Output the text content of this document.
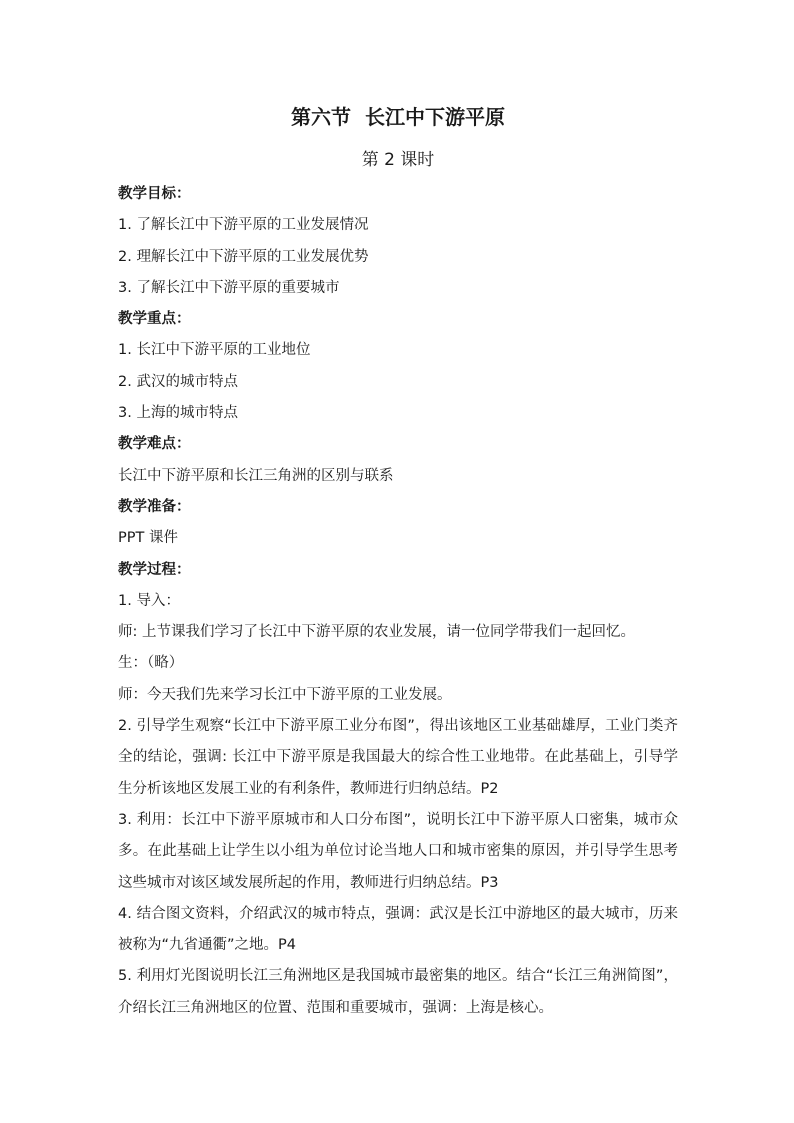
第六节  长江中下游平原
第 2 课时
教学目标：
1. 了解长江中下游平原的工业发展情况
2. 理解长江中下游平原的工业发展优势
3. 了解长江中下游平原的重要城市
教学重点：
1. 长江中下游平原的工业地位
2. 武汉的城市特点
3. 上海的城市特点
教学难点：
长江中下游平原和长江三角洲的区别与联系
教学准备：
PPT 课件
教学过程：
1. 导入：
师: 上节课我们学习了长江中下游平原的农业发展，请一位同学带我们一起回忆。
生：（略）
师：今天我们先来学习长江中下游平原的工业发展。
2. 引导学生观察“长江中下游平原工业分布图”，得出该地区工业基础雄厚，工业门类齐全的结论，强调: 长江中下游平原是我国最大的综合性工业地带。在此基础上，引导学生分析该地区发展工业的有利条件，教师进行归纳总结。P2
3. 利用：长江中下游平原城市和人口分布图”，说明长江中下游平原人口密集，城市众多。在此基础上让学生以小组为单位讨论当地人口和城市密集的原因，并引导学生思考这些城市对该区域发展所起的作用，教师进行归纳总结。P3
4. 结合图文资料，介绍武汉的城市特点，强调：武汉是长江中游地区的最大城市，历来被称为“九省通衢”之地。P4
5. 利用灯光图说明长江三角洲地区是我国城市最密集的地区。结合“长江三角洲简图”，介绍长江三角洲地区的位置、范围和重要城市，强调：上海是核心。
